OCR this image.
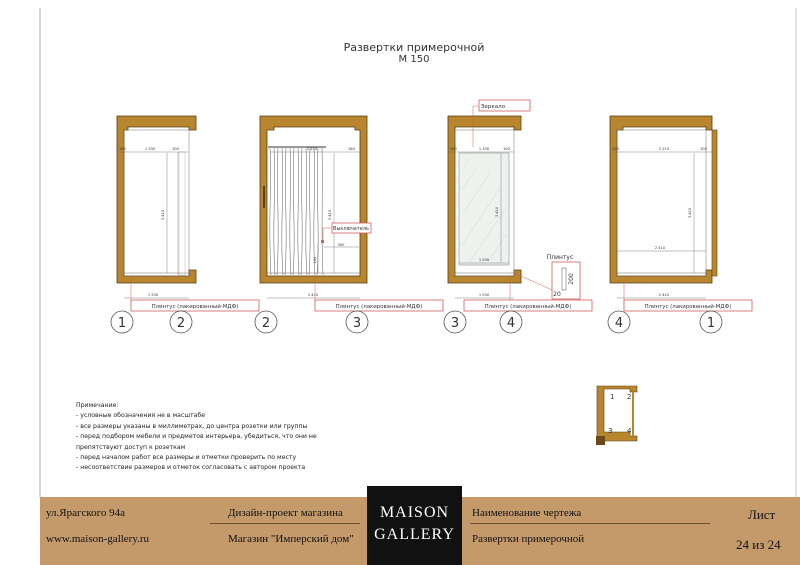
Развертки примерочной
М 150
100	1 330	100
3 410
1 530
Плинтус (лакированный-МДФ)
1	2
2 210	180
3 410
Выключатель
300
100
2 410
Плинтус (лакированный-МДФ)
2	3
Зеркало
100	1 330	100
3 410
1 530
1 530
Плинтус
20
200
Плинтус (лакированный-МДФ)
3	4
100	2 210	100
3 410
2 410
2 410
Плинтус (лакированный-МДФ)
4	1
1 2
3 4
Примечание:
- условные обозначения не в масштабе
- все размеры указаны в миллиметрах, до центра розетки или группы
- перед подбором мебели и предметов интерьера, убедиться, что они не
препятствуют доступ к розеткам
- перед началом работ все размеры и отметки проверить по месту
- несоответствие размеров и отметок согласовать с автором проекта
ул.Ярагского 94а
www.maison-gallery.ru
Дизайн-проект магазина
Магазин "Имперский дом"
MAISON
GALLERY
Наименование чертежа
Развертки примерочной
Лист
24 из 24
